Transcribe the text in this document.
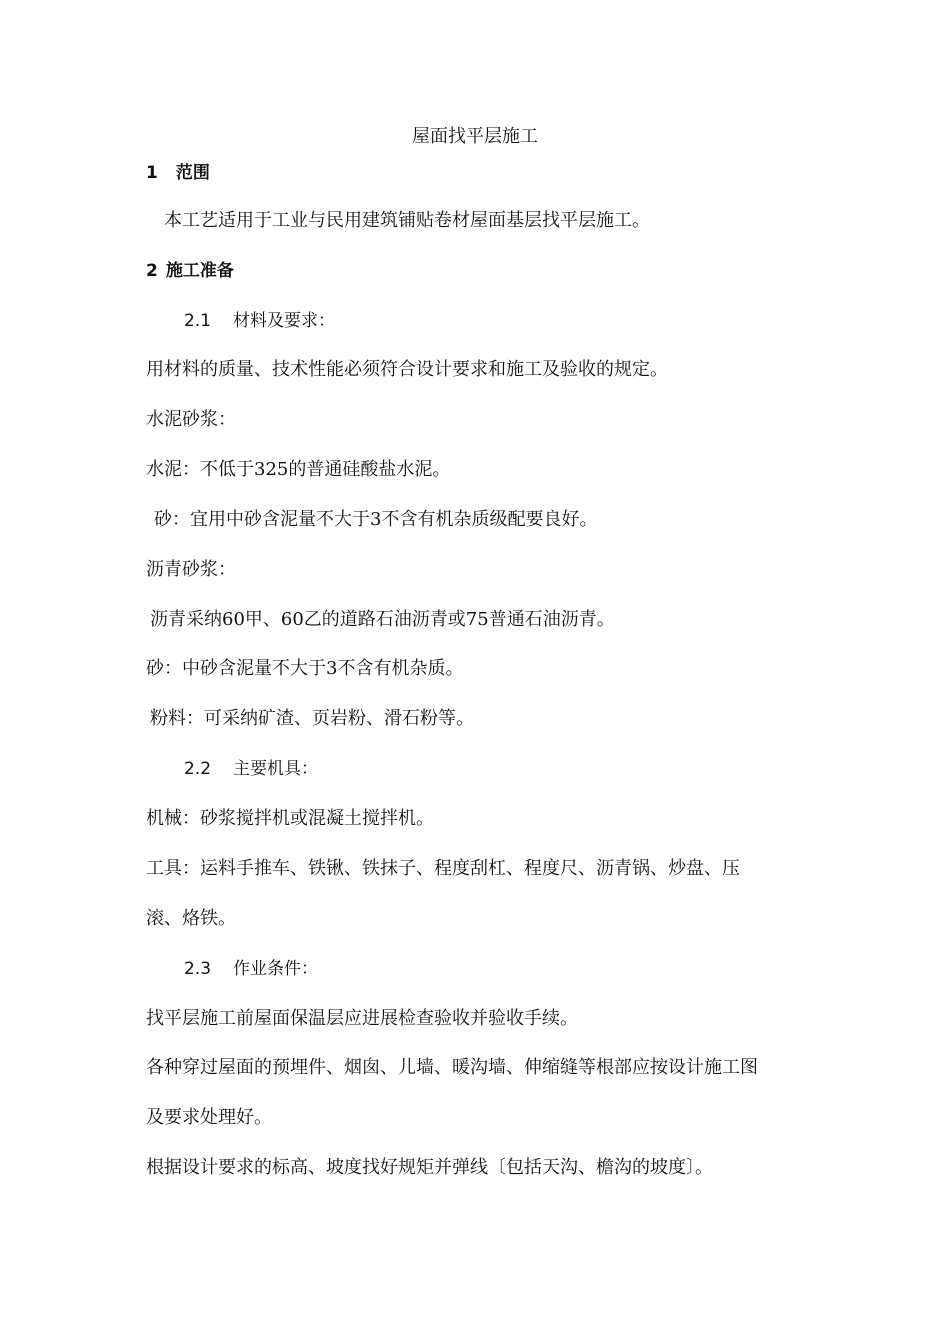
屋面找平层施工
1 范围
本工艺适用于工业与民用建筑铺贴卷材屋面基层找平层施工。
2 施工准备
2.1 材料及要求：
用材料的质量、技术性能必须符合设计要求和施工及验收的规定。
水泥砂浆：
水泥：不低于325的普通硅酸盐水泥。
砂：宜用中砂含泥量不大于3不含有机杂质级配要良好。
沥青砂浆：
沥青采纳60甲、60乙的道路石油沥青或75普通石油沥青。
砂：中砂含泥量不大于3不含有机杂质。
粉料：可采纳矿渣、页岩粉、滑石粉等。
2.2 主要机具：
机械：砂浆搅拌机或混凝土搅拌机。
工具：运料手推车、铁锹、铁抹子、程度刮杠、程度尺、沥青锅、炒盘、压
滚、烙铁。
2.3 作业条件：
找平层施工前屋面保温层应进展检查验收并验收手续。
各种穿过屋面的预埋件、烟囱、儿墙、暖沟墙、伸缩缝等根部应按设计施工图
及要求处理好。
根据设计要求的标高、坡度找好规矩并弹线〔包括天沟、檐沟的坡度〕。
